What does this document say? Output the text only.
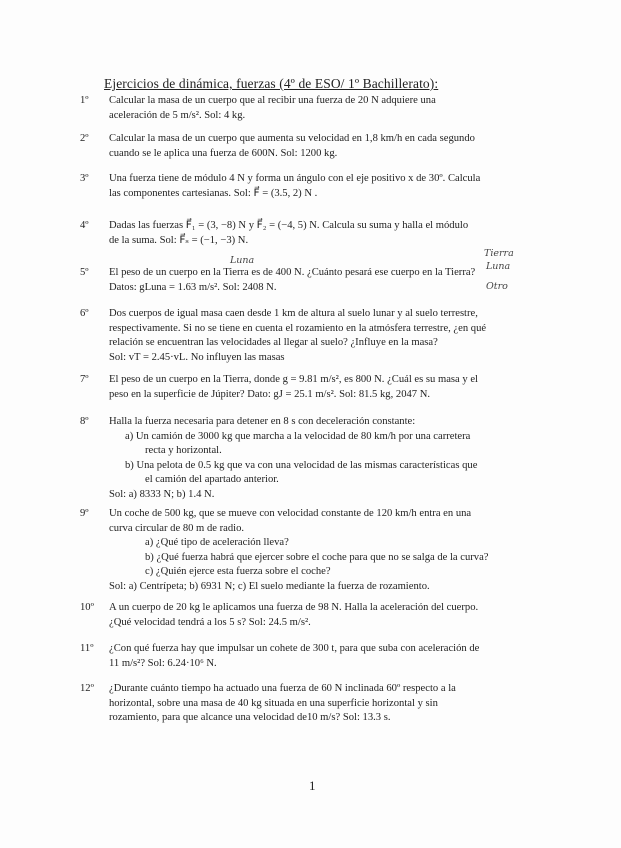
Ejercicios de dinámica, fuerzas (4º de ESO/ 1º Bachillerato):
1º	Calcular la masa de un cuerpo que al recibir una fuerza de 20 N adquiere una
aceleración de 5 m/s². Sol: 4 kg.
2º	Calcular la masa de un cuerpo que aumenta su velocidad en 1,8 km/h en cada segundo
cuando se le aplica una fuerza de 600N. Sol: 1200 kg.
3º	Una fuerza tiene de módulo 4 N y forma un ángulo con el eje positivo x de 30º. Calcula
las componentes cartesianas. Sol: F⃗ = (3.5, 2) N .
4º	Dadas las fuerzas F⃗₁ = (3, −8) N y F⃗₂ = (−4, 5) N. Calcula su suma y halla el módulo
de la suma. Sol: F⃗ₛ = (−1, −3) N.
5º	El peso de un cuerpo en la Tierra es de 400 N. ¿Cuánto pesará ese cuerpo en la Tierra?
Datos: gLuna = 1.63 m/s². Sol: 2408 N.
Luna
Tierra
Luna
Otro
6º	Dos cuerpos de igual masa caen desde 1 km de altura al suelo lunar y al suelo terrestre,
respectivamente. Si no se tiene en cuenta el rozamiento en la atmósfera terrestre, ¿en qué
relación se encuentran las velocidades al llegar al suelo? ¿Influye en la masa?
Sol: vT = 2.45·vL. No influyen las masas
7º	El peso de un cuerpo en la Tierra, donde g = 9.81 m/s², es 800 N. ¿Cuál es su masa y el
peso en la superficie de Júpiter? Dato: gJ = 25.1 m/s². Sol: 81.5 kg, 2047 N.
8º	Halla la fuerza necesaria para detener en 8 s con deceleración constante:
a) Un camión de 3000 kg que marcha a la velocidad de 80 km/h por una carretera
recta y horizontal.
b) Una pelota de 0.5 kg que va con una velocidad de las mismas características que
el camión del apartado anterior.
Sol: a) 8333 N; b) 1.4 N.
9º	Un coche de 500 kg, que se mueve con velocidad constante de 120 km/h entra en una
curva circular de 80 m de radio.
a) ¿Qué tipo de aceleración lleva?
b) ¿Qué fuerza habrá que ejercer sobre el coche para que no se salga de la curva?
c) ¿Quién ejerce esta fuerza sobre el coche?
Sol: a) Centrípeta; b) 6931 N; c) El suelo mediante la fuerza de rozamiento.
10º	A un cuerpo de 20 kg le aplicamos una fuerza de 98 N. Halla la aceleración del cuerpo.
¿Qué velocidad tendrá a los 5 s? Sol: 24.5 m/s².
11º	¿Con qué fuerza hay que impulsar un cohete de 300 t, para que suba con aceleración de
11 m/s²? Sol: 6.24·10⁶ N.
12º	¿Durante cuánto tiempo ha actuado una fuerza de 60 N inclinada 60º respecto a la
horizontal, sobre una masa de 40 kg situada en una superficie horizontal y sin
rozamiento, para que alcance una velocidad de10 m/s? Sol: 13.3 s.
1
